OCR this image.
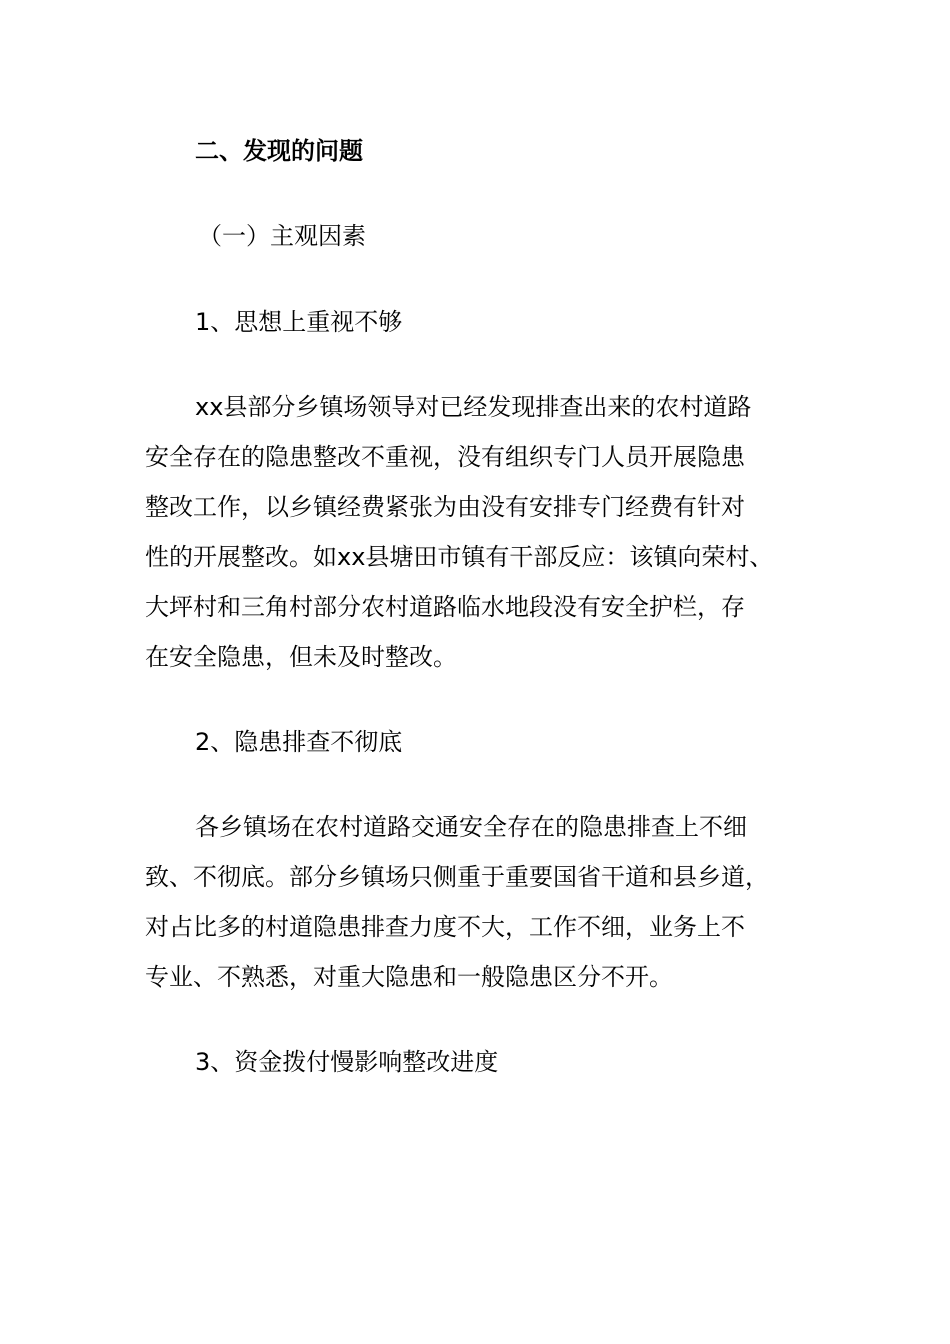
二、发现的问题
（一）主观因素
1、思想上重视不够
xx县部分乡镇场领导对已经发现排查出来的农村道路
安全存在的隐患整改不重视，没有组织专门人员开展隐患
整改工作，以乡镇经费紧张为由没有安排专门经费有针对
性的开展整改。如xx县塘田市镇有干部反应：该镇向荣村、
大坪村和三角村部分农村道路临水地段没有安全护栏，存
在安全隐患，但未及时整改。
2、隐患排查不彻底
各乡镇场在农村道路交通安全存在的隐患排查上不细
致、不彻底。部分乡镇场只侧重于重要国省干道和县乡道，
对占比多的村道隐患排查力度不大，工作不细，业务上不
专业、不熟悉，对重大隐患和一般隐患区分不开。
3、资金拨付慢影响整改进度
